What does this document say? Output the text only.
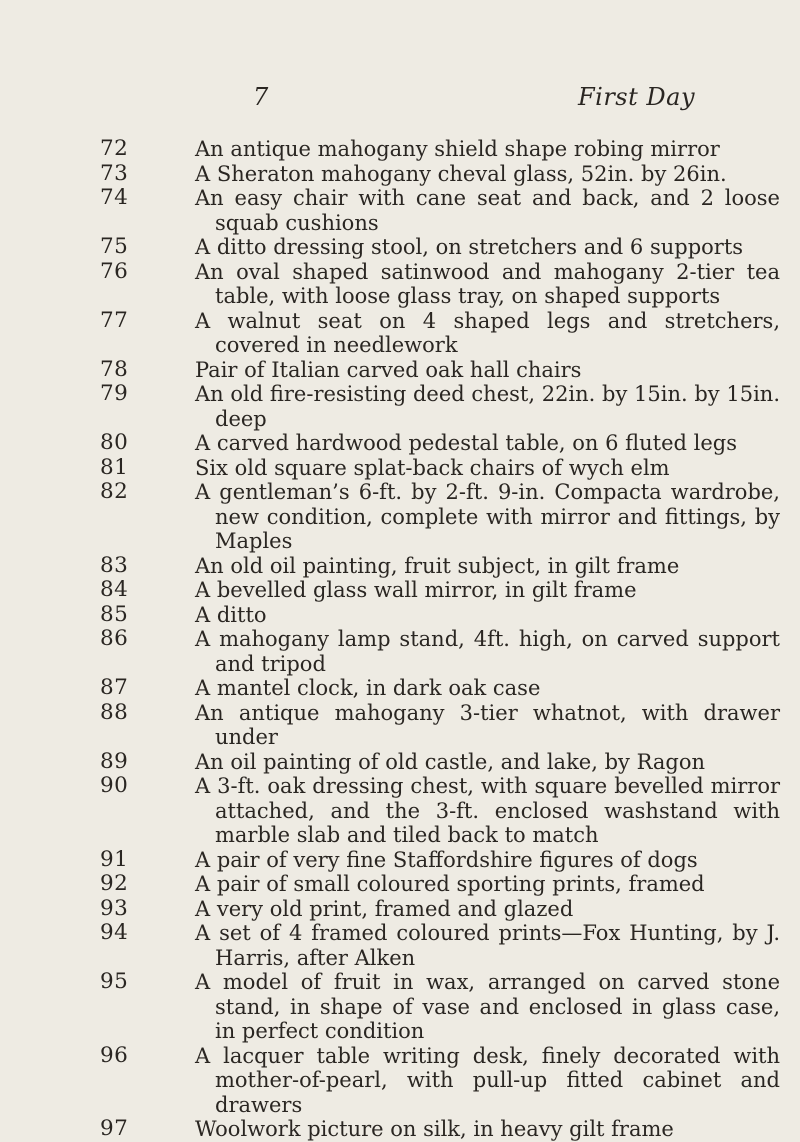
7	First Day
72	An antique mahogany shield shape robing mirror
73	A Sheraton mahogany cheval glass, 52in. by 26in.
74	An easy chair with cane seat and back, and 2 loose squab cushions
75	A ditto dressing stool, on stretchers and 6 supports
76	An oval shaped satinwood and mahogany 2-tier tea table, with loose glass tray, on shaped supports
77	A walnut seat on 4 shaped legs and stretchers, covered in needlework
78	Pair of Italian carved oak hall chairs
79	An old fire-resisting deed chest, 22in. by 15in. by 15in. deep
80	A carved hardwood pedestal table, on 6 fluted legs
81	Six old square splat-back chairs of wych elm
82	A gentleman’s 6-ft. by 2-ft. 9-in. Compacta wardrobe, new condition, complete with mirror and fittings, by Maples
83	An old oil painting, fruit subject, in gilt frame
84	A bevelled glass wall mirror, in gilt frame
85	A ditto
86	A mahogany lamp stand, 4ft. high, on carved support and tripod
87	A mantel clock, in dark oak case
88	An antique mahogany 3-tier whatnot, with drawer under
89	An oil painting of old castle, and lake, by Ragon
90	A 3-ft. oak dressing chest, with square bevelled mirror attached, and the 3-ft. enclosed washstand with marble slab and tiled back to match
91	A pair of very fine Staffordshire figures of dogs
92	A pair of small coloured sporting prints, framed
93	A very old print, framed and glazed
94	A set of 4 framed coloured prints—Fox Hunting, by J. Harris, after Alken
95	A model of fruit in wax, arranged on carved stone stand, in shape of vase and enclosed in glass case, in perfect condition
96	A lacquer table writing desk, finely decorated with mother-of-pearl, with pull-up fitted cabinet and drawers
97	Woolwork picture on silk, in heavy gilt frame
